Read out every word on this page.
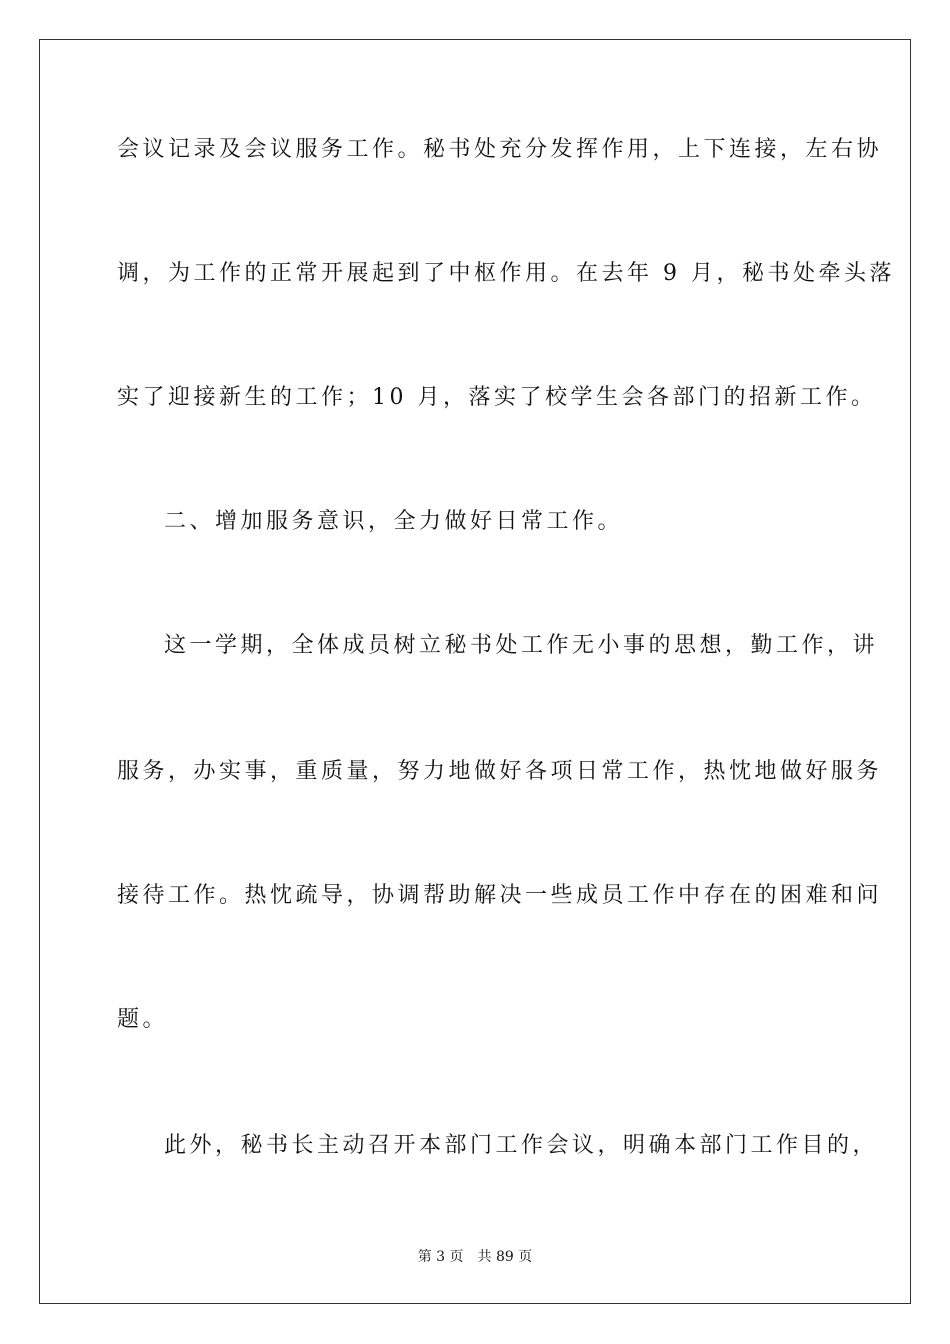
会议记录及会议服务工作。秘书处充分发挥作用，上下连接，左右协
调，为工作的正常开展起到了中枢作用。在去年 9 月，秘书处牵头落
实了迎接新生的工作；10 月，落实了校学生会各部门的招新工作。
二、增加服务意识，全力做好日常工作。
这一学期，全体成员树立秘书处工作无小事的思想，勤工作，讲
服务，办实事，重质量，努力地做好各项日常工作，热忱地做好服务
接待工作。热忱疏导，协调帮助解决一些成员工作中存在的困难和问
题。
此外，秘书长主动召开本部门工作会议，明确本部门工作目的，
第 3 页　共 89 页
